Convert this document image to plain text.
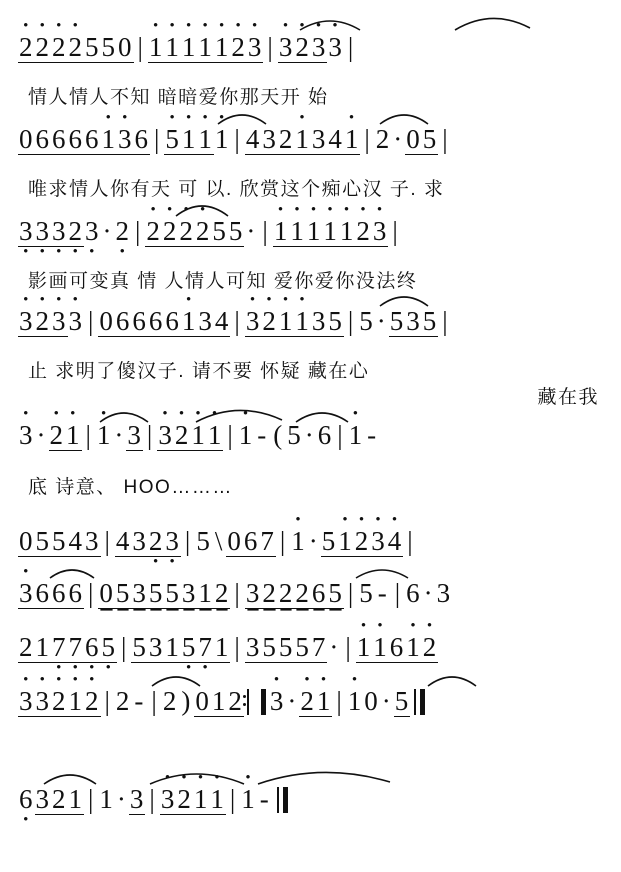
• 2• 2• 2• 2550 | • 1• 1• 1• 1• 1• 2• 3 | • 3• 2• 3• 3 |
情人情人不知 暗暗爱你那天开 始
06666• 1• 36 | • 5• 1• 1• 1 | 432• 134• 1 | 2 · 05 |
唯求情人你有天 可 以. 欣赏这个痴心汉 子. 求
3 •3 •3 •2 •3 • · 2 • | • 2• 2• 2• 255 · | • 1• 1• 1• 1• 1• 2• 3 |
影画可变真 情 人情人可知 爱你爱你没法终
• 3• 2• 3• 3 | 06666• 134 | • 3• 2• 1• 135 | 5 · 535 |
止 求明了傻汉子. 请不要 怀疑 藏在心
藏在我
• 3 · • 2• 1 | • 1 · 3 | • 3• 2• 1• 1 | • 1 - ( 5 · 6 | • 1 -
底 诗意、 HOO………
05543 | 432 •3 • | 5 \ 067 | • 1 · 5• 1• 2• 3• 4 |
• 3666 | 05355312 | 322265 | 5 - | 6 · 3
217 •7 •6 •5 • | 5315 •7 •1 | 35557 · | • 1• 16• 1• 2
• 3• 3• 2• 1• 2 | 2 - | 2 ) 012 • 3 · • 2• 1 | • 10 · 5
6 •321 | 1 · 3 | • 3• 2• 1• 1 | • 1 -
